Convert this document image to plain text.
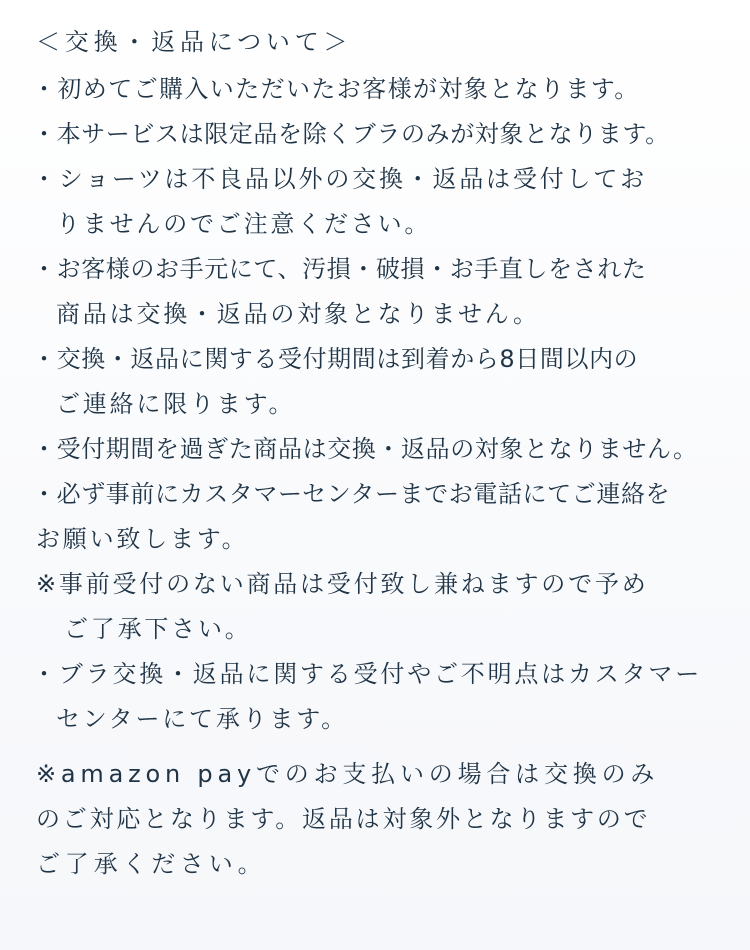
＜交換・返品について＞
・初めてご購入いただいたお客様が対象となります。
・本サービスは限定品を除くブラのみが対象となります。
・ショーツは不良品以外の交換・返品は受付してお
りませんのでご注意ください。
・お客様のお手元にて、汚損・破損・お手直しをされた
商品は交換・返品の対象となりません。
・交換・返品に関する受付期間は到着から8日間以内の
ご連絡に限ります。
・受付期間を過ぎた商品は交換・返品の対象となりません。
・必ず事前にカスタマーセンターまでお電話にてご連絡を
お願い致します。
※事前受付のない商品は受付致し兼ねますので予め
ご了承下さい。
・ブラ交換・返品に関する受付やご不明点はカスタマー
センターにて承ります。
※amazon payでのお支払いの場合は交換のみ
のご対応となります。返品は対象外となりますので
ご了承ください。
